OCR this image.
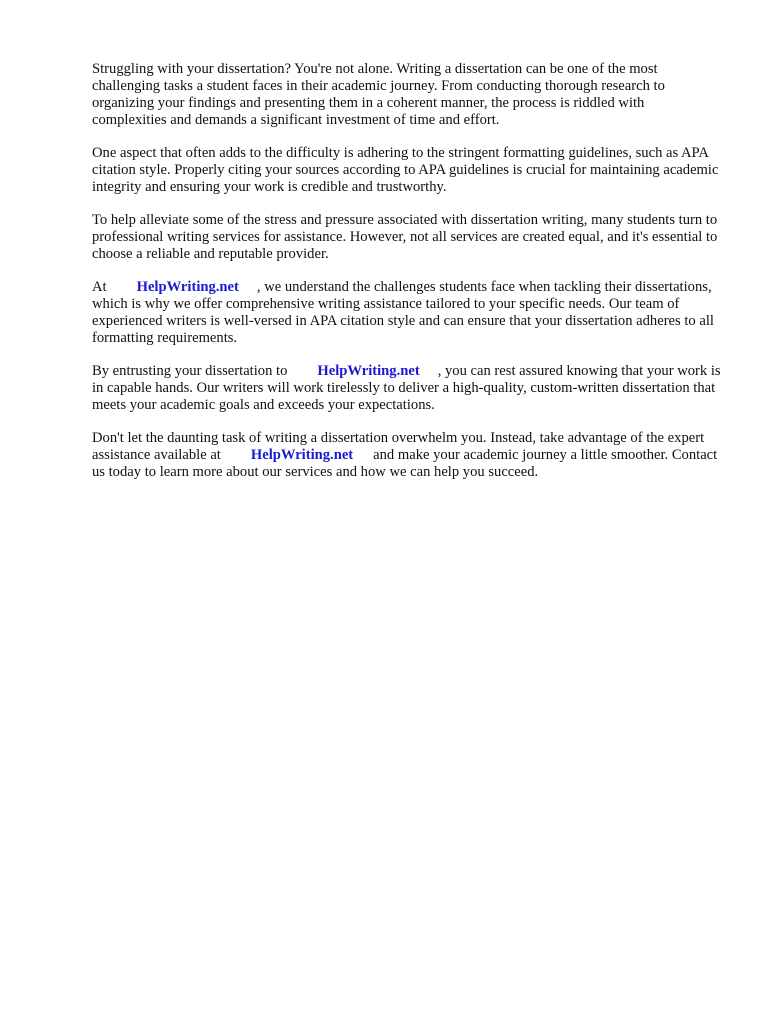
Struggling with your dissertation? You're not alone. Writing a dissertation can be one of the most challenging tasks a student faces in their academic journey. From conducting thorough research to organizing your findings and presenting them in a coherent manner, the process is riddled with complexities and demands a significant investment of time and effort.

One aspect that often adds to the difficulty is adhering to the stringent formatting guidelines, such as APA citation style. Properly citing your sources according to APA guidelines is crucial for maintaining academic integrity and ensuring your work is credible and trustworthy.

To help alleviate some of the stress and pressure associated with dissertation writing, many students turn to professional writing services for assistance. However, not all services are created equal, and it's essential to choose a reliable and reputable provider.

At HelpWriting.net , we understand the challenges students face when tackling their dissertations, which is why we offer comprehensive writing assistance tailored to your specific needs. Our team of experienced writers is well-versed in APA citation style and can ensure that your dissertation adheres to all formatting requirements.

By entrusting your dissertation to HelpWriting.net , you can rest assured knowing that your work is in capable hands. Our writers will work tirelessly to deliver a high-quality, custom-written dissertation that meets your academic goals and exceeds your expectations.

Don't let the daunting task of writing a dissertation overwhelm you. Instead, take advantage of the expert assistance available at HelpWriting.net and make your academic journey a little smoother. Contact us today to learn more about our services and how we can help you succeed.
